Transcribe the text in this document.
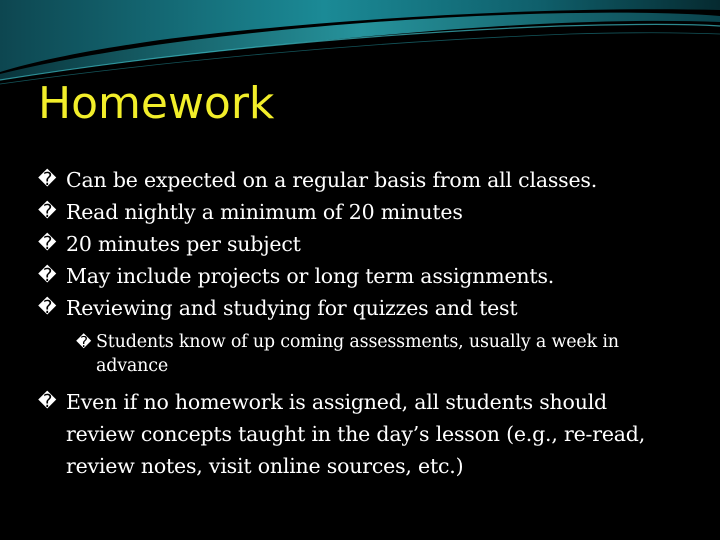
Homework
� Can be expected on a regular basis from all classes.
� Read nightly a minimum of 20 minutes
� 20 minutes per subject
� May include projects or long term assignments.
� Reviewing and studying for quizzes and test
� Students know of up coming assessments, usually a week in advance
� Even if no homework is assigned, all students should review concepts taught in the day’s lesson (e.g., re-read, review notes, visit online sources, etc.)
